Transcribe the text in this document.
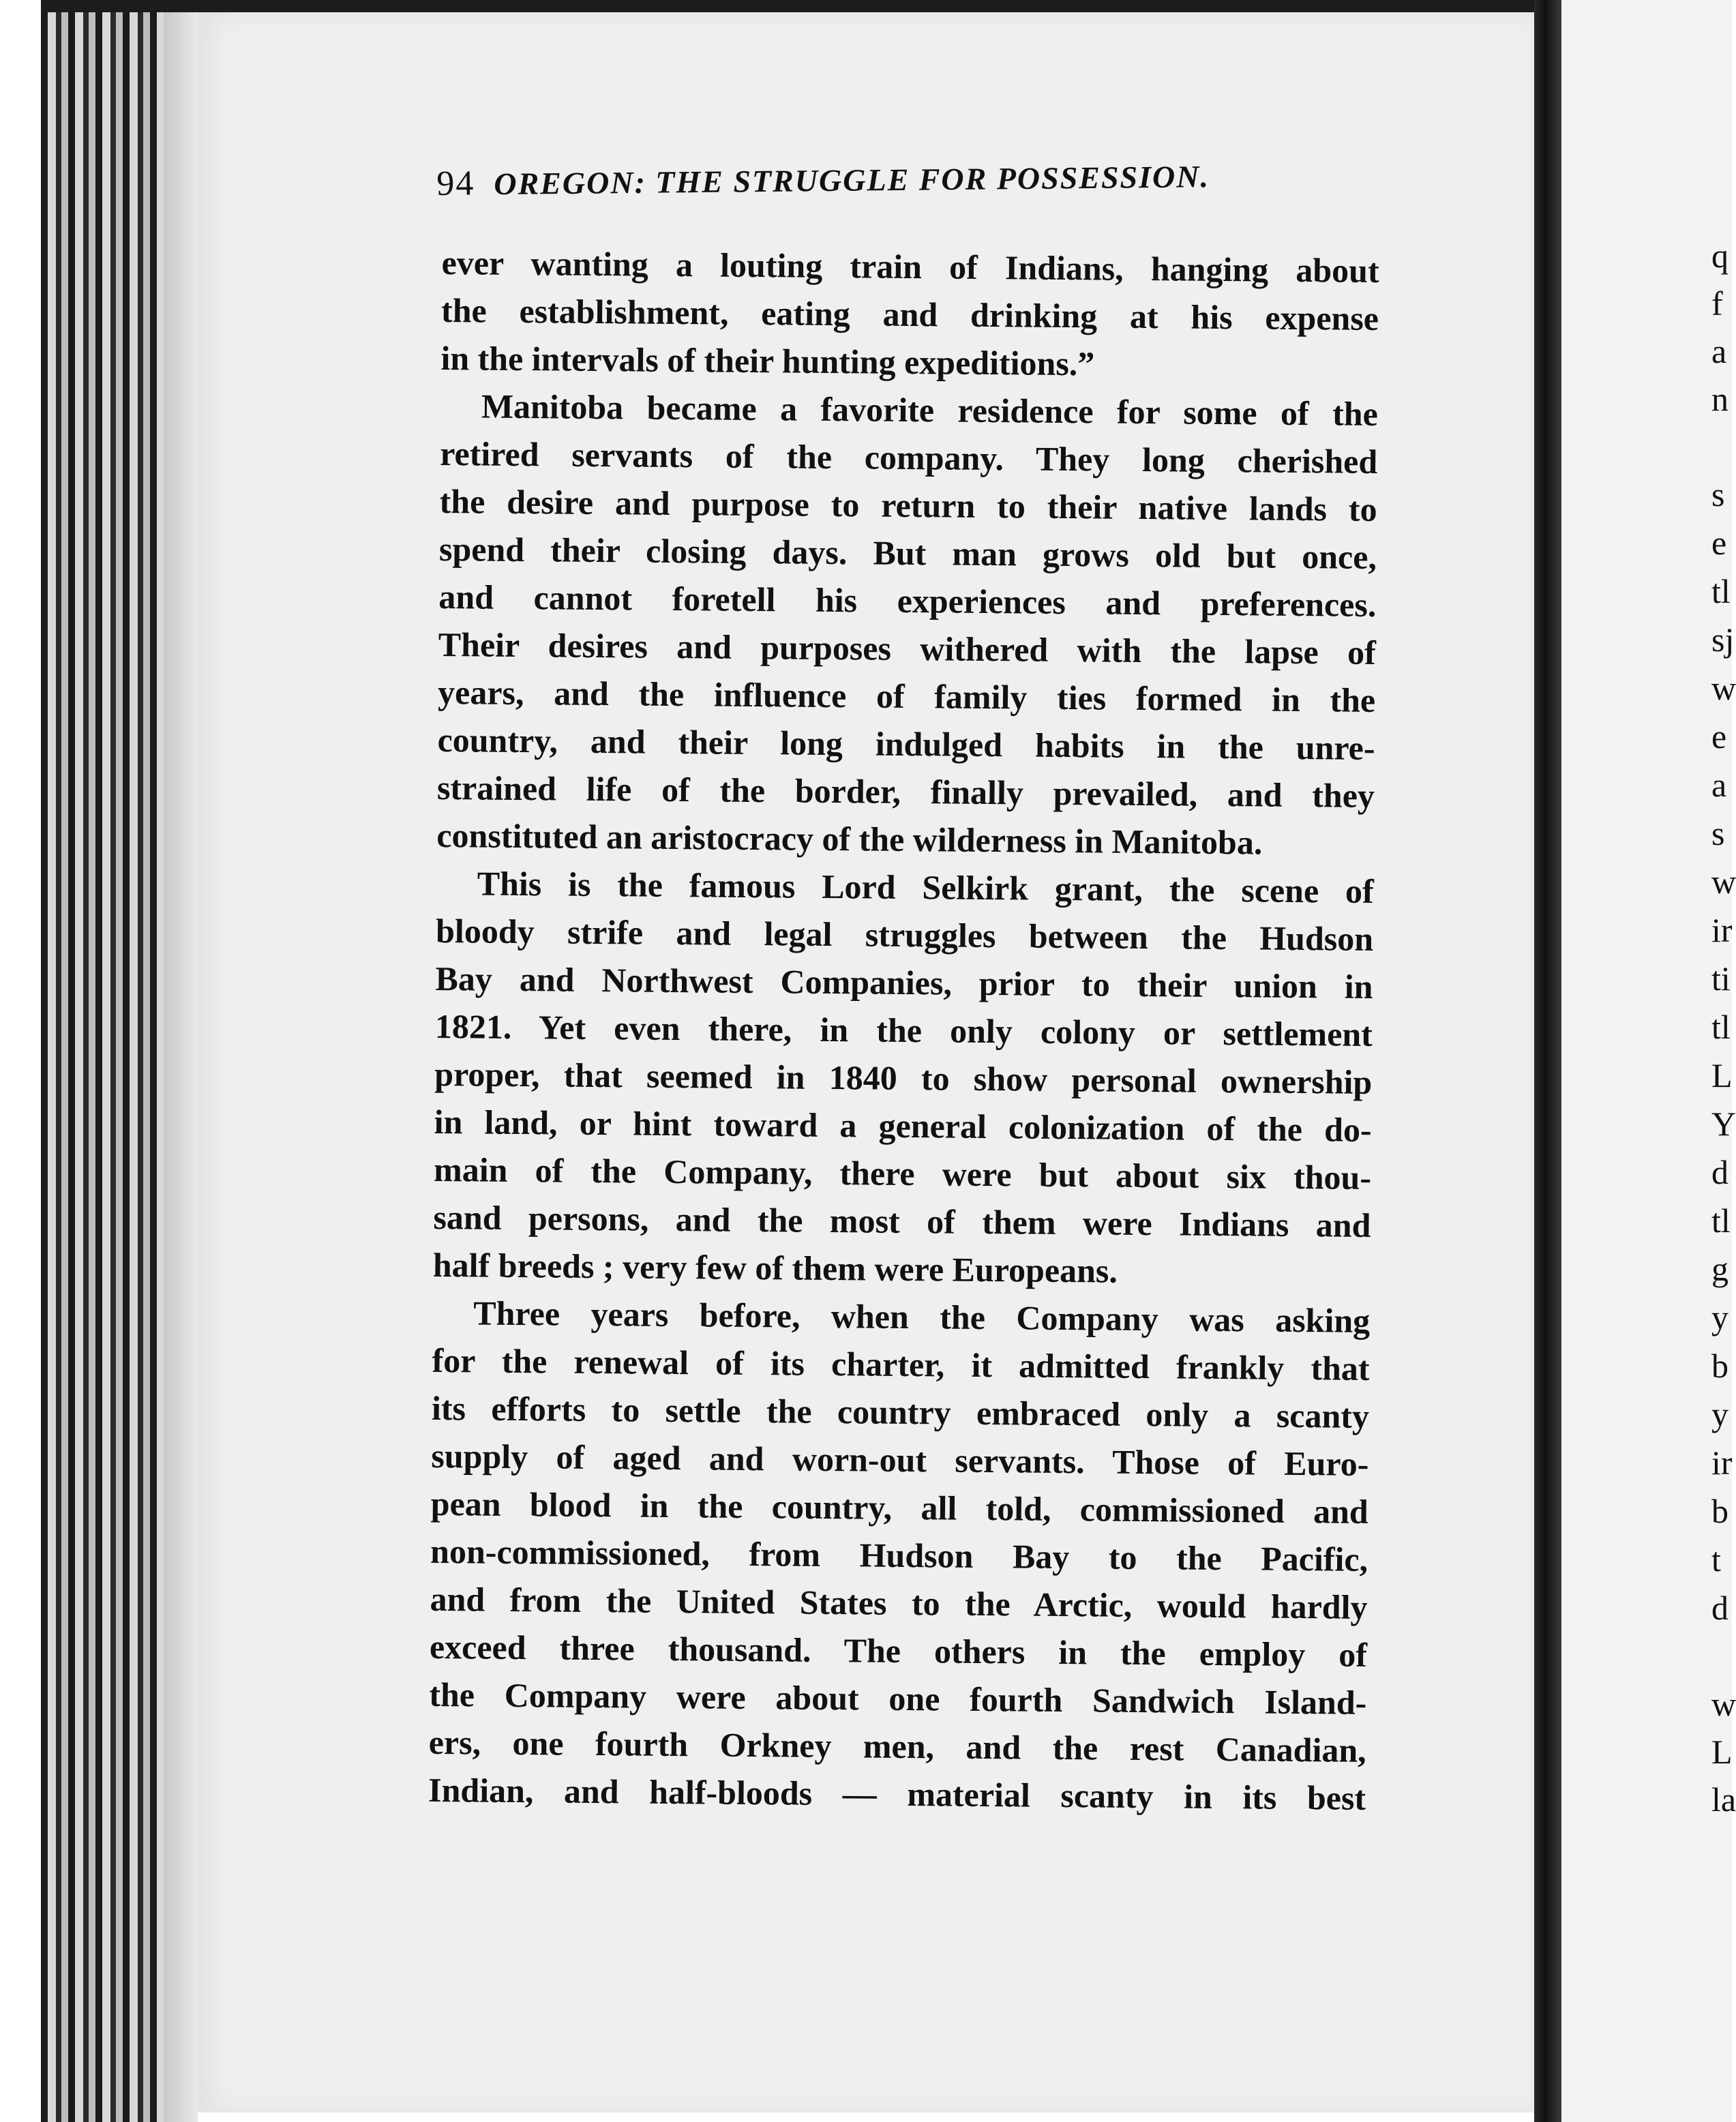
94 OREGON: THE STRUGGLE FOR POSSESSION.
ever wanting a louting train of Indians, hanging about
the establishment, eating and drinking at his expense
in the intervals of their hunting expeditions.”
Manitoba became a favorite residence for some of the
retired servants of the company. They long cherished
the desire and purpose to return to their native lands to
spend their closing days. But man grows old but once,
and cannot foretell his experiences and preferences.
Their desires and purposes withered with the lapse of
years, and the influence of family ties formed in the
country, and their long indulged habits in the unre-
strained life of the border, finally prevailed, and they
constituted an aristocracy of the wilderness in Manitoba.
This is the famous Lord Selkirk grant, the scene of
bloody strife and legal struggles between the Hudson
Bay and Northwest Companies, prior to their union in
1821. Yet even there, in the only colony or settlement
proper, that seemed in 1840 to show personal ownership
in land, or hint toward a general colonization of the do-
main of the Company, there were but about six thou-
sand persons, and the most of them were Indians and
half breeds ; very few of them were Europeans.
Three years before, when the Company was asking
for the renewal of its charter, it admitted frankly that
its efforts to settle the country embraced only a scanty
supply of aged and worn-out servants. Those of Euro-
pean blood in the country, all told, commissioned and
non-commissioned, from Hudson Bay to the Pacific,
and from the United States to the Arctic, would hardly
exceed three thousand. The others in the employ of
the Company were about one fourth Sandwich Island-
ers, one fourth Orkney men, and the rest Canadian,
Indian, and half-bloods — material scanty in its best
q
f
a
n
s
e
tl
sj
w
e
a
s
w
ir
ti
tl
L
Y
d
tl
g
y
b
y
ir
b
t
d
w
L
la
